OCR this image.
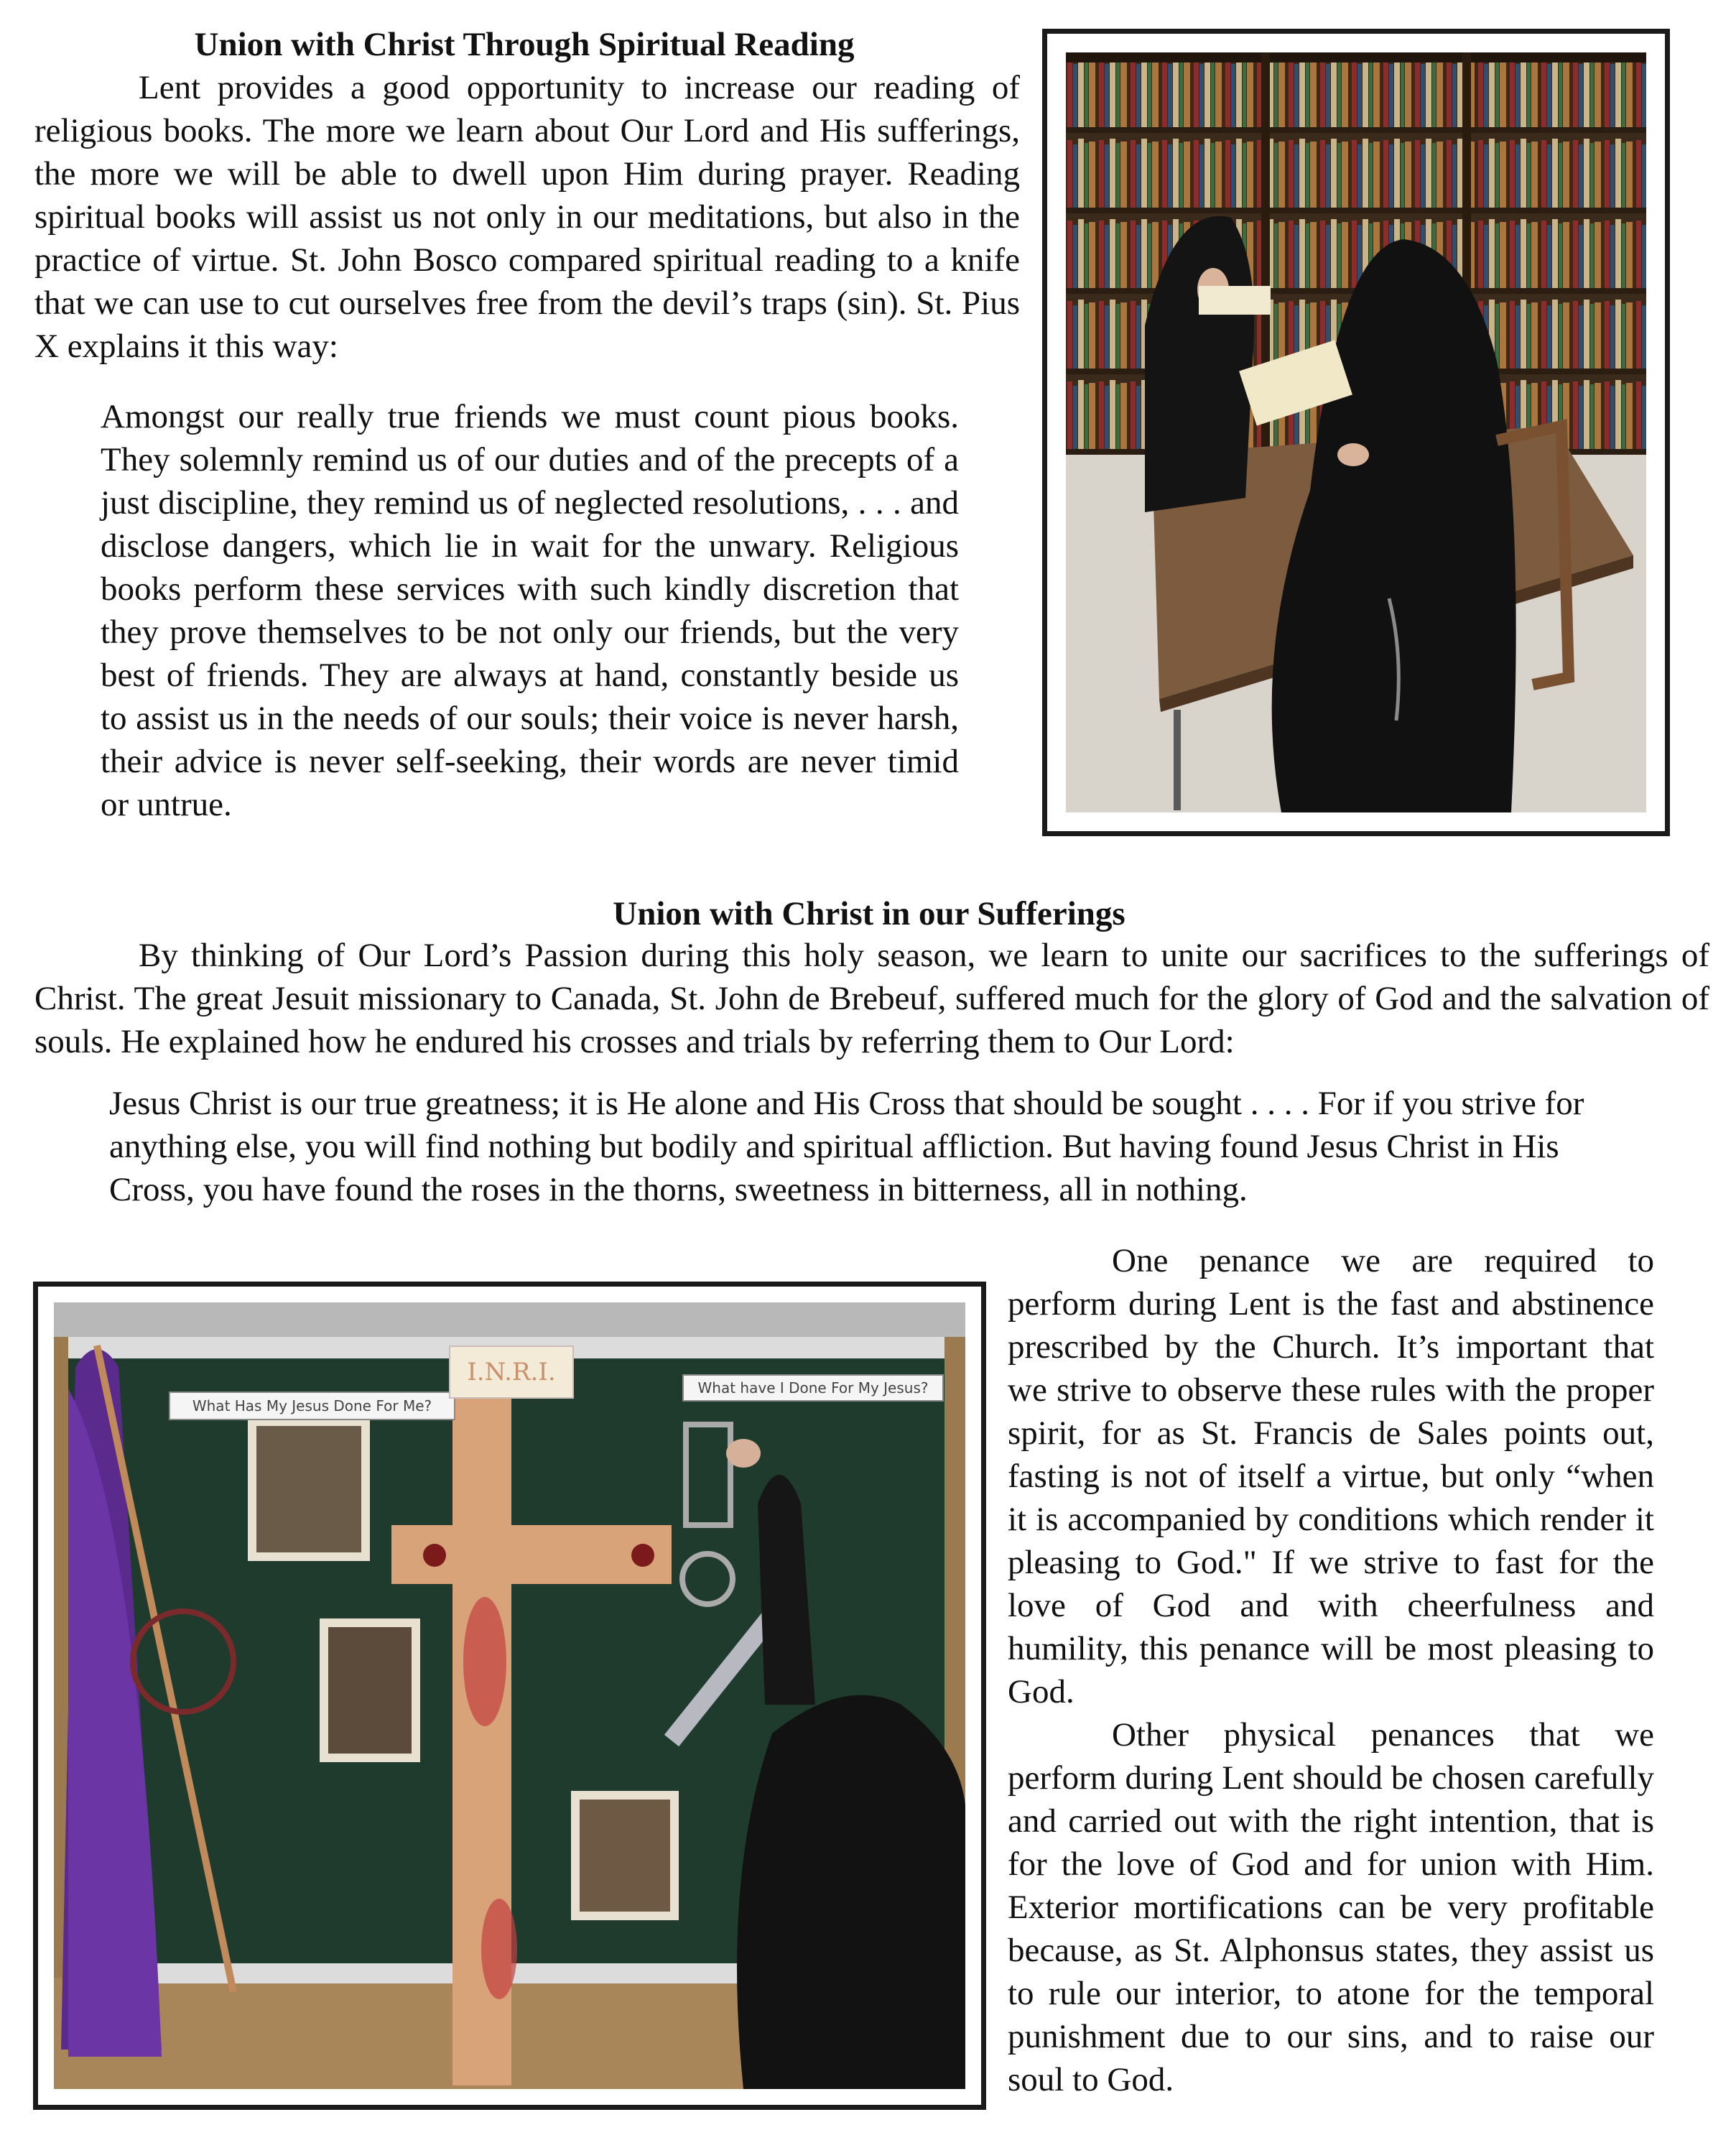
Union with Christ Through Spiritual Reading

Lent provides a good opportunity to increase our reading of religious books. The more we learn about Our Lord and His sufferings, the more we will be able to dwell upon Him during prayer. Reading spiritual books will assist us not only in our meditations, but also in the practice of virtue. St. John Bosco compared spiritual reading to a knife that we can use to cut ourselves free from the devil’s traps (sin). St. Pius X explains it this way:

Amongst our really true friends we must count pious books. They solemnly remind us of our duties and of the precepts of a just discipline, they remind us of neglected resolutions, . . . and disclose dangers, which lie in wait for the unwary. Religious books perform these services with such kindly discretion that they prove themselves to be not only our friends, but the very best of friends. They are always at hand, constantly beside us to assist us in the needs of our souls; their voice is never harsh, their advice is never self-seeking, their words are never timid or untrue.

Union with Christ in our Sufferings

By thinking of Our Lord’s Passion during this holy season, we learn to unite our sacrifices to the sufferings of Christ. The great Jesuit missionary to Canada, St. John de Brebeuf, suffered much for the glory of God and the salvation of souls. He explained how he endured his crosses and trials by referring them to Our Lord:

Jesus Christ is our true greatness; it is He alone and His Cross that should be sought . . . . For if you strive for anything else, you will find nothing but bodily and spiritual affliction. But having found Jesus Christ in His Cross, you have found the roses in the thorns, sweetness in bitterness, all in nothing.

What Has My Jesus Done For Me?
What have I Done For My Jesus?
I.N.R.I.

One penance we are required to perform during Lent is the fast and abstinence prescribed by the Church. It’s important that we strive to observe these rules with the proper spirit, for as St. Francis de Sales points out, fasting is not of itself a virtue, but only “when it is accompanied by conditions which render it pleasing to God." If we strive to fast for the love of God and with cheerfulness and humility, this penance will be most pleasing to God.

Other physical penances that we perform during Lent should be chosen carefully and carried out with the right intention, that is for the love of God and for union with Him. Exterior mortifications can be very profitable because, as St. Alphonsus states, they assist us to rule our interior, to atone for the temporal punishment due to our sins, and to raise our soul to God.
